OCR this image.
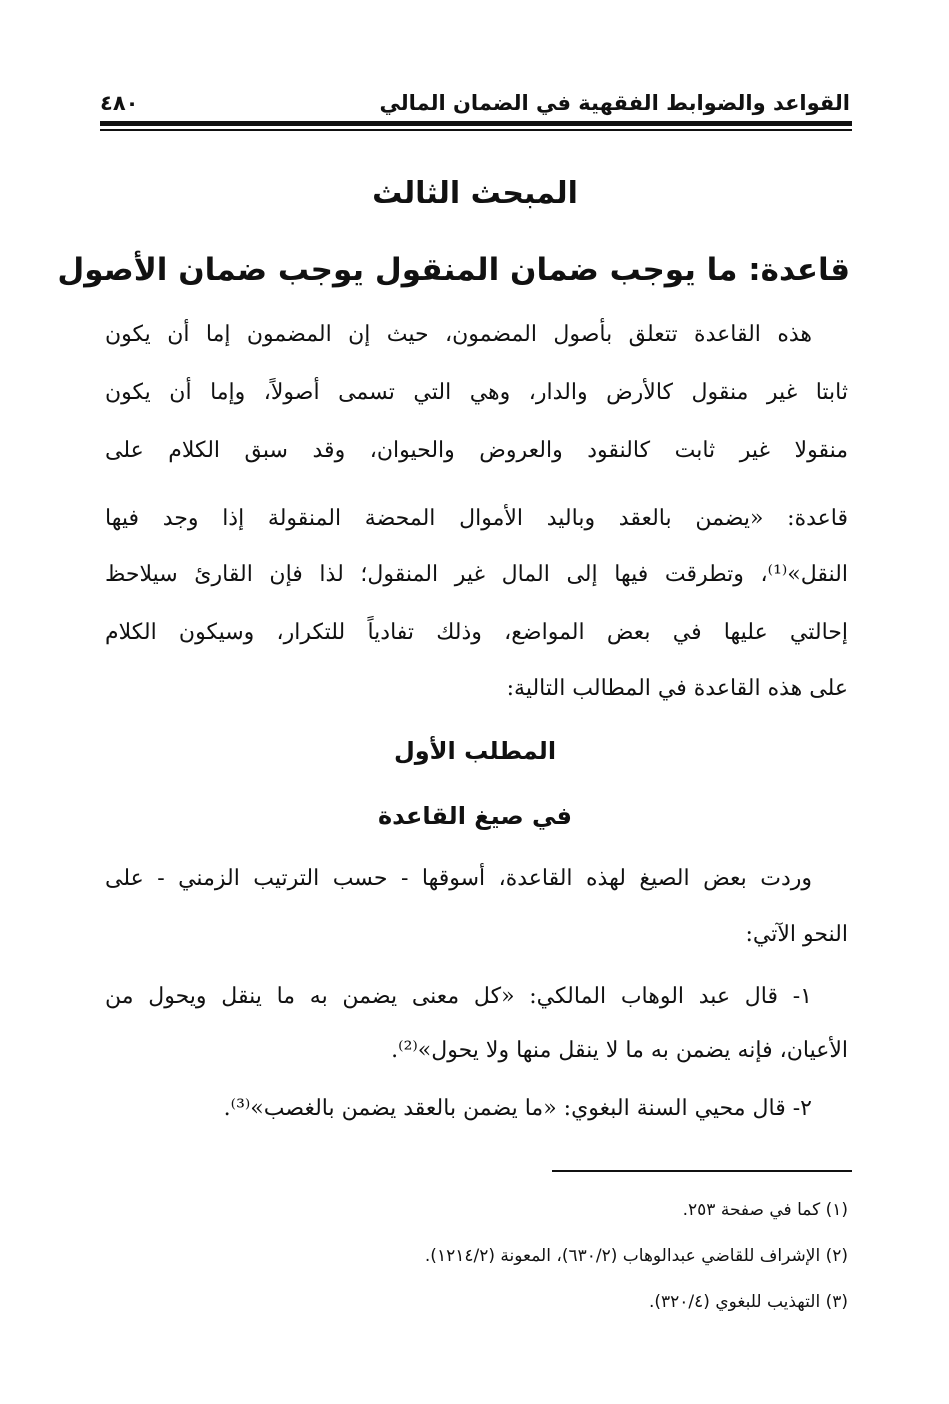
القواعد والضوابط الفقهية في الضمان المالي
٤٨٠
المبحث الثالث
قاعدة: ما يوجب ضمان المنقول يوجب ضمان الأصول
هذه القاعدة تتعلق بأصول المضمون، حيث إن المضمون إما أن يكون
ثابتا غير منقول كالأرض والدار، وهي التي تسمى أصولاً، وإما أن يكون
منقولا غير ثابت كالنقود والعروض والحيوان، وقد سبق الكلام على
قاعدة: «يضمن بالعقد وباليد الأموال المحضة المنقولة إذا وجد فيها
النقل»⁽¹⁾، وتطرقت فيها إلى المال غير المنقول؛ لذا فإن القارئ سيلاحظ
إحالتي عليها في بعض المواضع، وذلك تفادياً للتكرار، وسيكون الكلام
على هذه القاعدة في المطالب التالية:
المطلب الأول
في صيغ القاعدة
وردت بعض الصيغ لهذه القاعدة، أسوقها - حسب الترتيب الزمني - على
النحو الآتي:
١- قال عبد الوهاب المالكي: «كل معنى يضمن به ما ينقل ويحول من
الأعيان، فإنه يضمن به ما لا ينقل منها ولا يحول»⁽²⁾.
٢- قال محيي السنة البغوي: «ما يضمن بالعقد يضمن بالغصب»⁽³⁾.
(١) كما في صفحة ٢٥٣.
(٢) الإشراف للقاضي عبدالوهاب (٦٣٠/٢)، المعونة (١٢١٤/٢).
(٣) التهذيب للبغوي (٣٢٠/٤).
